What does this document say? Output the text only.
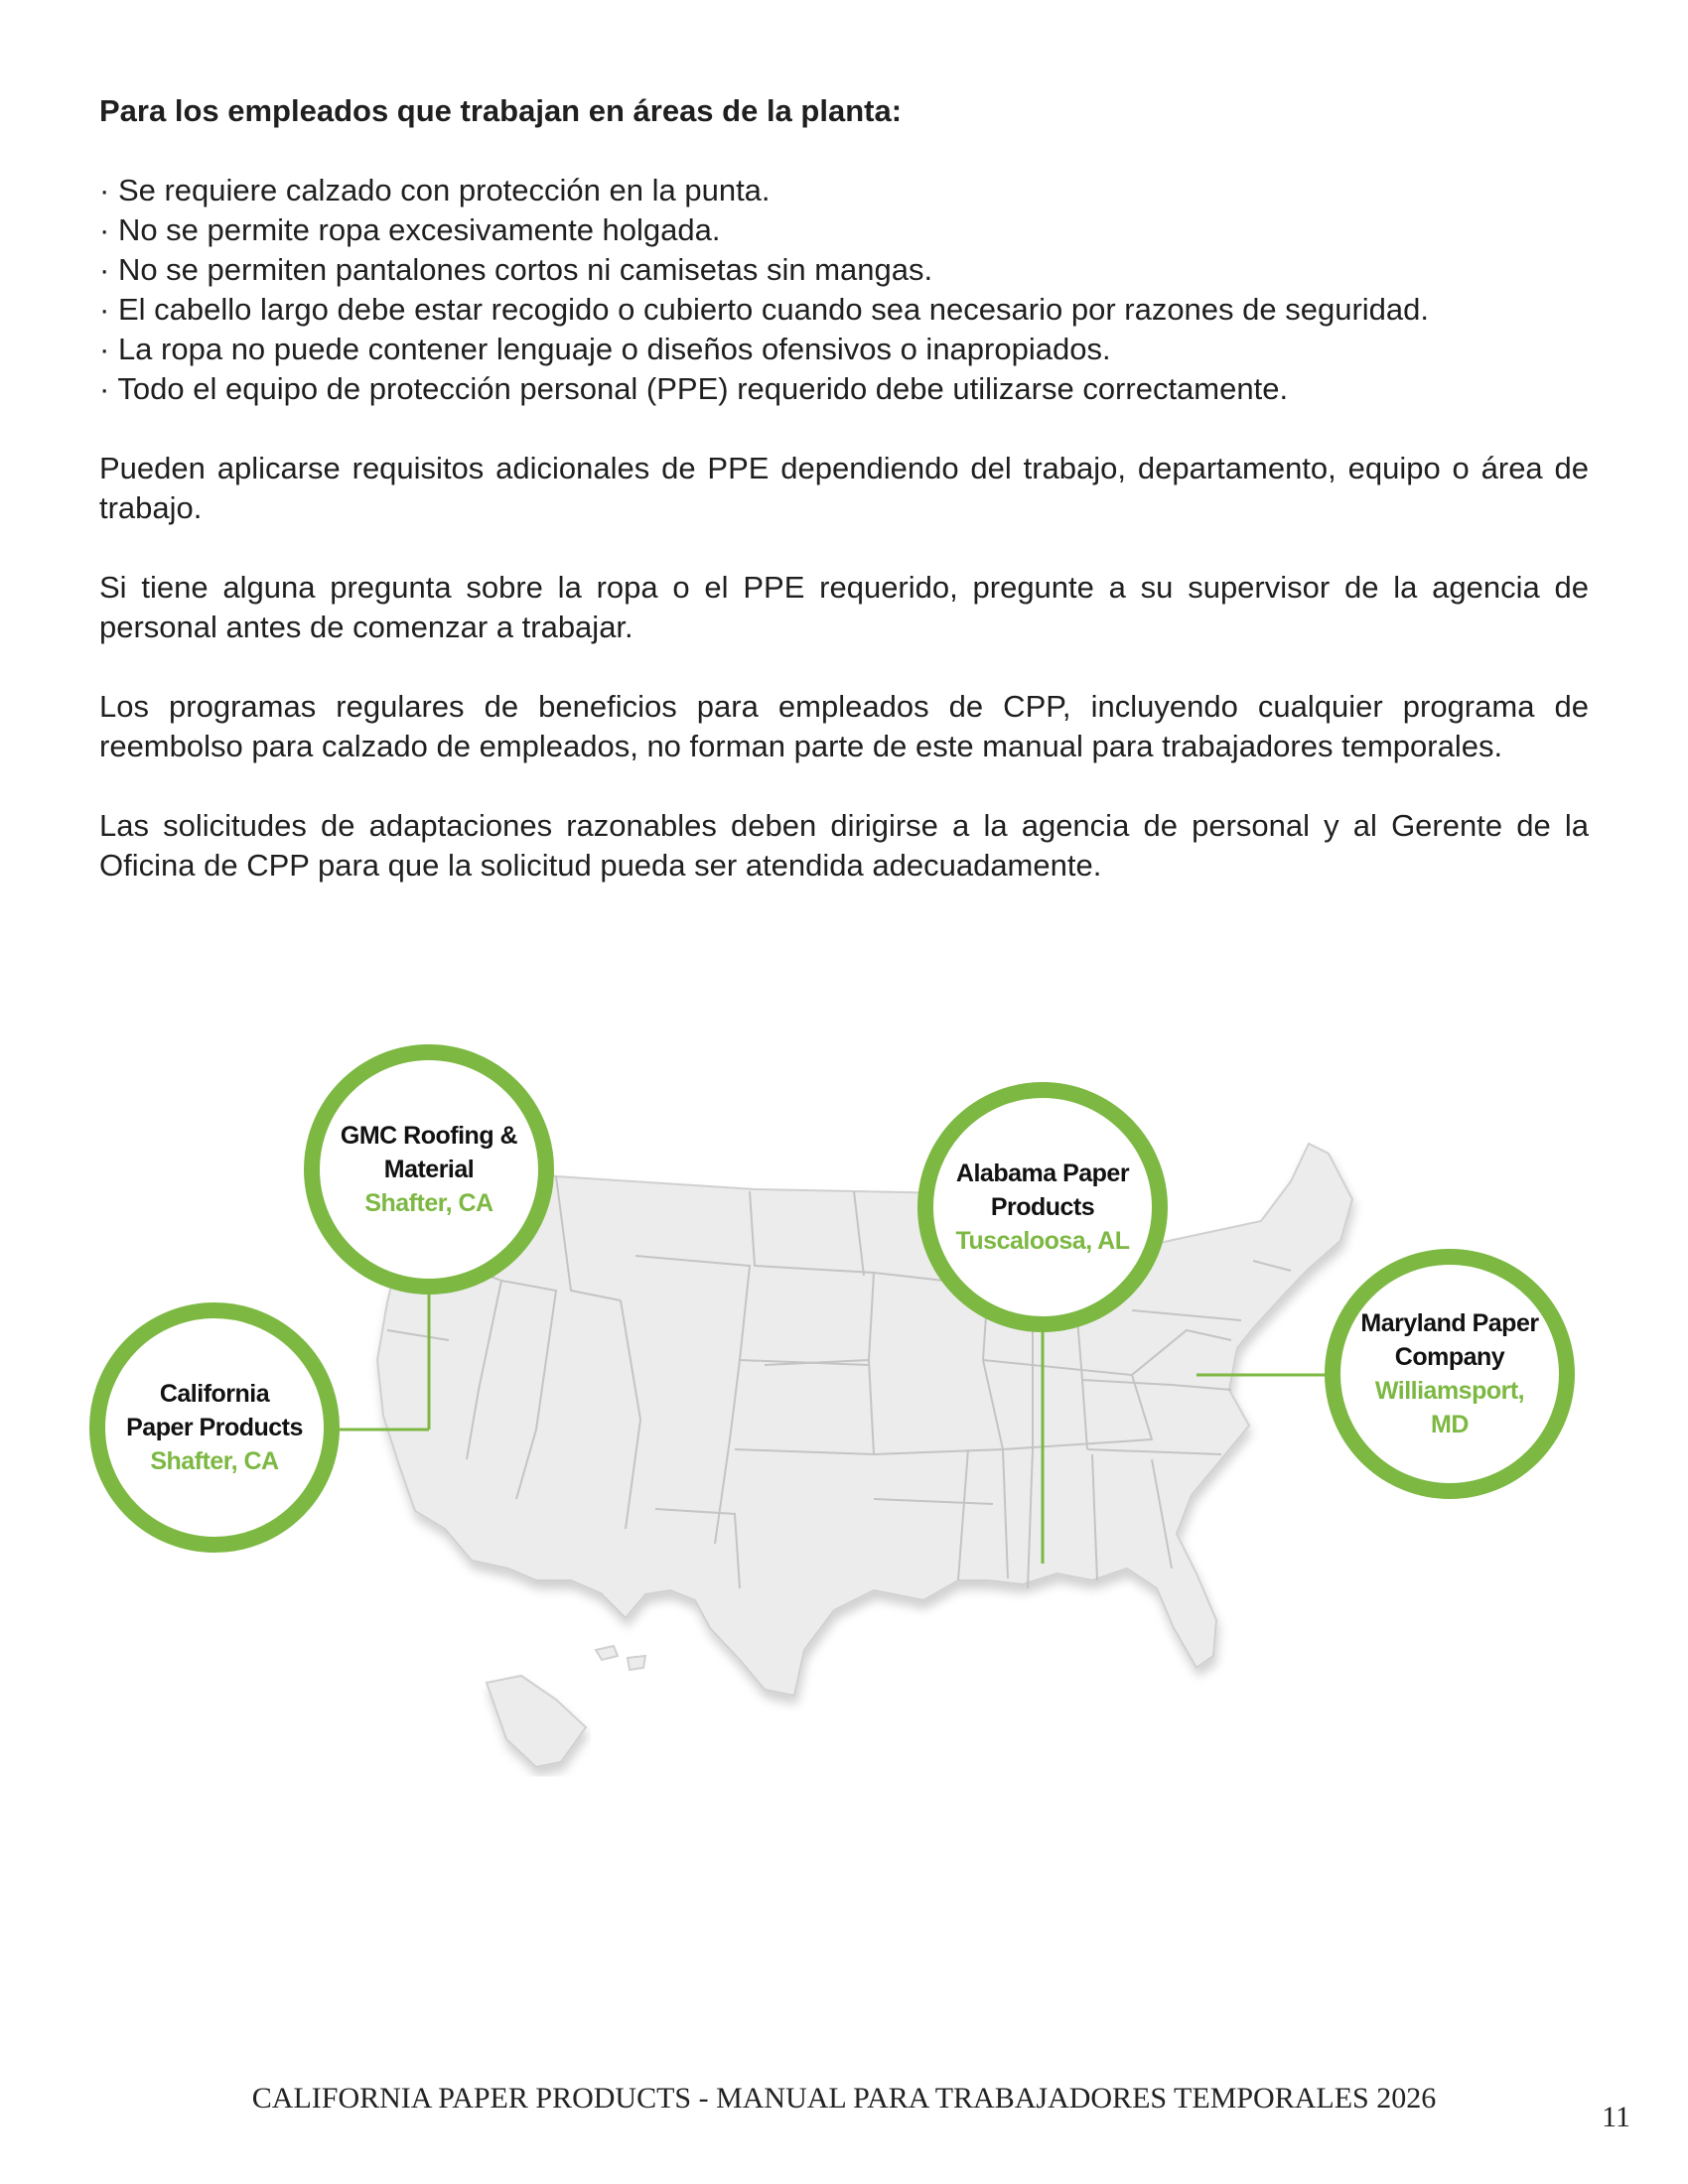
Para los empleados que trabajan en áreas de la planta:

· Se requiere calzado con protección en la punta.
· No se permite ropa excesivamente holgada.
· No se permiten pantalones cortos ni camisetas sin mangas.
· El cabello largo debe estar recogido o cubierto cuando sea necesario por razones de seguridad.
· La ropa no puede contener lenguaje o diseños ofensivos o inapropiados.
· Todo el equipo de protección personal (PPE) requerido debe utilizarse correctamente.

Pueden aplicarse requisitos adicionales de PPE dependiendo del trabajo, departamento, equipo o área de trabajo.

Si tiene alguna pregunta sobre la ropa o el PPE requerido, pregunte a su supervisor de la agencia de personal antes de comenzar a trabajar.

Los programas regulares de beneficios para empleados de CPP, incluyendo cualquier programa de reembolso para calzado de empleados, no forman parte de este manual para trabajadores temporales.

Las solicitudes de adaptaciones razonables deben dirigirse a la agencia de personal y al Gerente de la Oficina de CPP para que la solicitud pueda ser atendida adecuadamente.

GMC Roofing &
Material
Shafter, CA
California
Paper Products
Shafter, CA
Alabama Paper
Products
Tuscaloosa, AL
Maryland Paper
Company
Williamsport,
MD
CALIFORNIA PAPER PRODUCTS - MANUAL PARA TRABAJADORES TEMPORALES 2026
11
